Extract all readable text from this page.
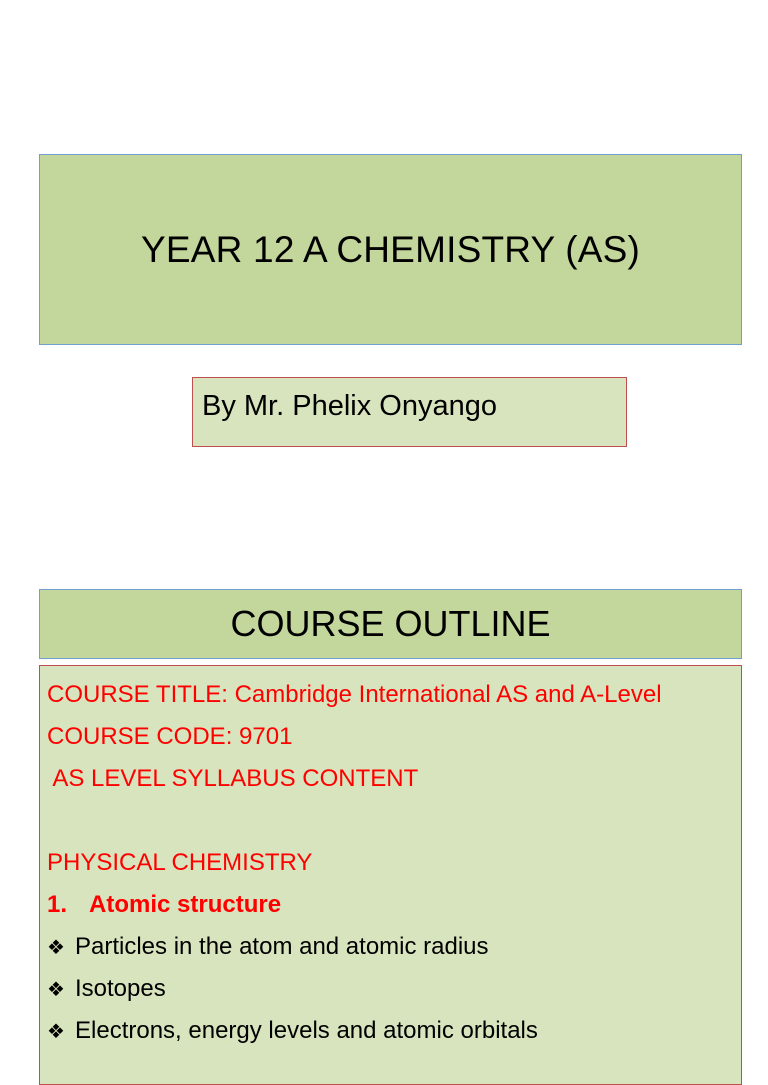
YEAR 12 A CHEMISTRY (AS)
By Mr. Phelix Onyango
COURSE OUTLINE
COURSE TITLE: Cambridge International AS and A-Level
COURSE CODE: 9701
AS LEVEL SYLLABUS CONTENT
PHYSICAL CHEMISTRY
1. Atomic structure
❖ Particles in the atom and atomic radius
❖ Isotopes
❖ Electrons, energy levels and atomic orbitals
